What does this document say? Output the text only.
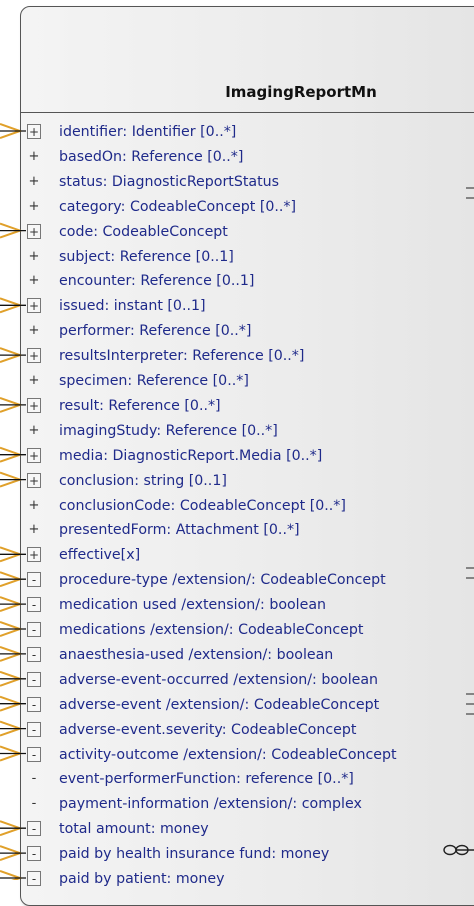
ImagingReportMn
+ identifier: Identifier [0..*]
+ basedOn: Reference [0..*]
+ status: DiagnosticReportStatus
+ category: CodeableConcept [0..*]
+ code: CodeableConcept
+ subject: Reference [0..1]
+ encounter: Reference [0..1]
+ issued: instant [0..1]
+ performer: Reference [0..*]
+ resultsInterpreter: Reference [0..*]
+ specimen: Reference [0..*]
+ result: Reference [0..*]
+ imagingStudy: Reference [0..*]
+ media: DiagnosticReport.Media [0..*]
+ conclusion: string [0..1]
+ conclusionCode: CodeableConcept [0..*]
+ presentedForm: Attachment [0..*]
+ effective[x]
-	procedure-type /extension/: CodeableConcept
-	medication used /extension/: boolean
-	medications /extension/: CodeableConcept
-	anaesthesia-used /extension/: boolean
-	adverse-event-occurred /extension/: boolean
-	adverse-event /extension/: CodeableConcept
-	adverse-event.severity: CodeableConcept
-	activity-outcome /extension/: CodeableConcept
-	event-performerFunction: reference [0..*]
-	payment-information /extension/: complex
-	total amount: money
-	paid by health insurance fund: money
-	paid by patient: money
